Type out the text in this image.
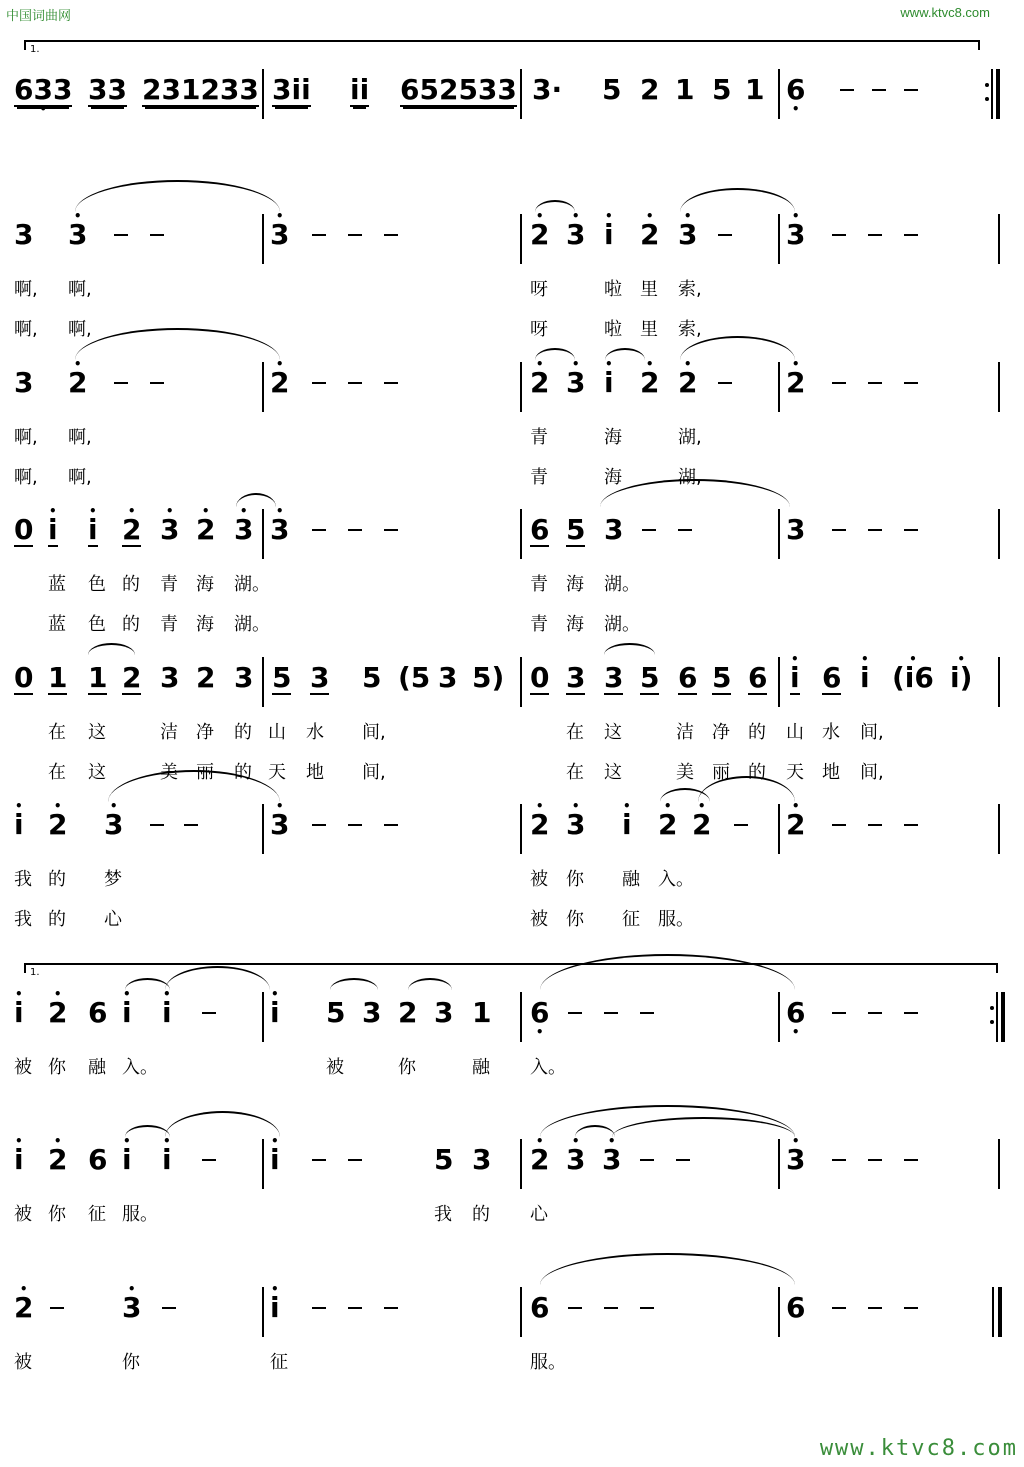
中国词曲网	www.ktvc8.com
www.ktvc8.com
1.
1.
633 • 33 231233 3ii ii 652533 3· 5 2 1 5 1 6 •
3 • 3	• 3	• 2 • 3 • i • 2 • 3	• 3
啊, 啊,	呀	啦 里 索,
啊, 啊,	呀	啦 里 索,
3 • 2	• 2	• 2 • 3 • i • 2 • 2	• 2
啊, 啊,	青	海	湖,
啊, 啊,	青	海	湖,
0 • i • i • 2 • 3 • 2 • 3 • 3	6 5 3	3
蓝 色 的 青 海 湖。	青 海 湖。
蓝 色 的 青 海 湖。	青 海 湖。
0 1 1 2 3 2 3 5 3 5 (5 3 5) 0 3 3 5 6 5 6 • i 6 • i • (i6 • i)
在 这	洁 净 的 山 水 间,	在 这	洁 净 的 山 水 间,
在 这	美 丽 的 天 地 间,	在 这	美 丽 的 天 地 间,
• i • 2 • 3	• 3	• 2 • 3 • i • 2 • 2	• 2
我 的 梦	被 你 融 入。
我 的 心	被 你 征 服。
• i • 2 6 • i • i	• i 5 3 2 3 1 6 •	6 •
被 你 融 入。	被	你	融 入。
• i • 2 6 • i • i	• i	5 3 • 2 • 3 • 3	• 3
被 你 征 服。	我 的 心
• 2	• 3	• i	6	6
被	你	征	服。
